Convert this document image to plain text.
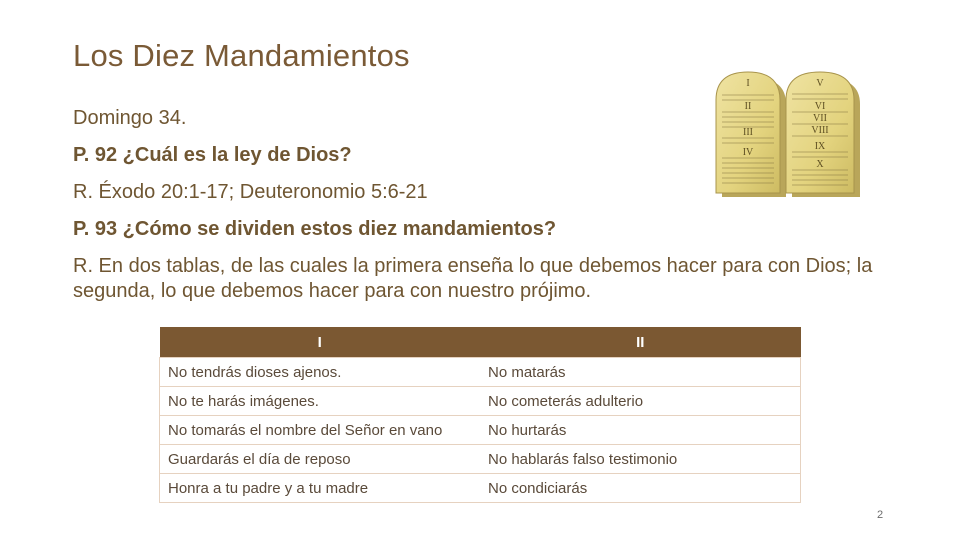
Los Diez Mandamientos

Domingo 34.

P. 92 ¿Cuál es la ley de Dios?

R. Éxodo 20:1-17; Deuteronomio 5:6-21

P. 93 ¿Cómo se dividen estos diez mandamientos?

R. En dos tablas, de las cuales la primera enseña lo que debemos hacer para con Dios; la segunda, lo que debemos hacer para con nuestro prójimo.

I
II
III
IV
V
VI
VII
VIII
IX
X
I	II
No tendrás dioses ajenos.	No matarás
No te harás imágenes.	No cometerás adulterio
No tomarás el nombre del Señor en vano	No hurtarás
Guardarás el día de reposo	No hablarás falso testimonio
Honra a tu padre y a tu madre	No condiciarás
2
